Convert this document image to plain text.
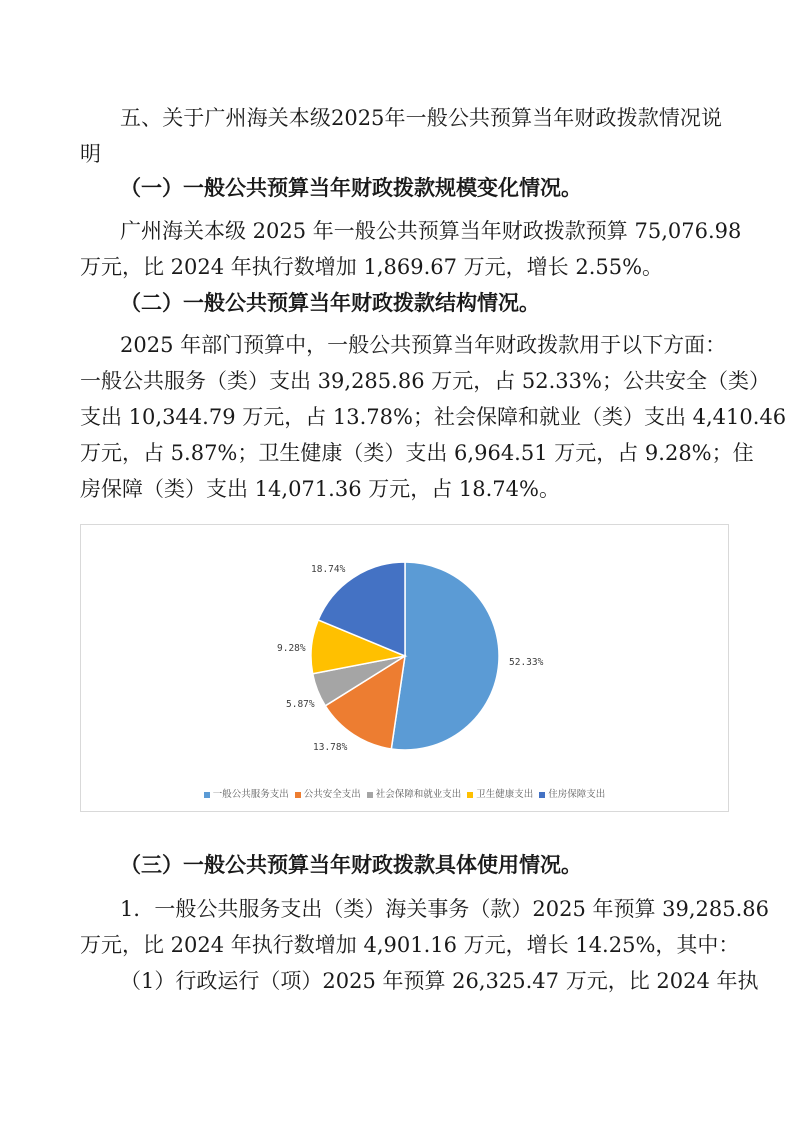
五、关于广州海关本级2025年一般公共预算当年财政拨款情况说
明
（一）一般公共预算当年财政拨款规模变化情况。
广州海关本级 2025 年一般公共预算当年财政拨款预算 75,076.98
万元，比 2024 年执行数增加 1,869.67 万元，增长 2.55%。
（二）一般公共预算当年财政拨款结构情况。
2025 年部门预算中，一般公共预算当年财政拨款用于以下方面：
一般公共服务（类）支出 39,285.86 万元，占 52.33%；公共安全（类）
支出 10,344.79 万元，占 13.78%；社会保障和就业（类）支出 4,410.46
万元，占 5.87%；卫生健康（类）支出 6,964.51 万元，占 9.28%；住
房保障（类）支出 14,071.36 万元，占 18.74%。
52.33%
13.78%
5.87%
9.28%
18.74%
一般公共服务支出 公共安全支出 社会保障和就业支出 卫生健康支出 住房保障支出
（三）一般公共预算当年财政拨款具体使用情况。
1．一般公共服务支出（类）海关事务（款）2025 年预算 39,285.86
万元，比 2024 年执行数增加 4,901.16 万元，增长 14.25%，其中：
（1）行政运行（项）2025 年预算 26,325.47 万元，比 2024 年执
